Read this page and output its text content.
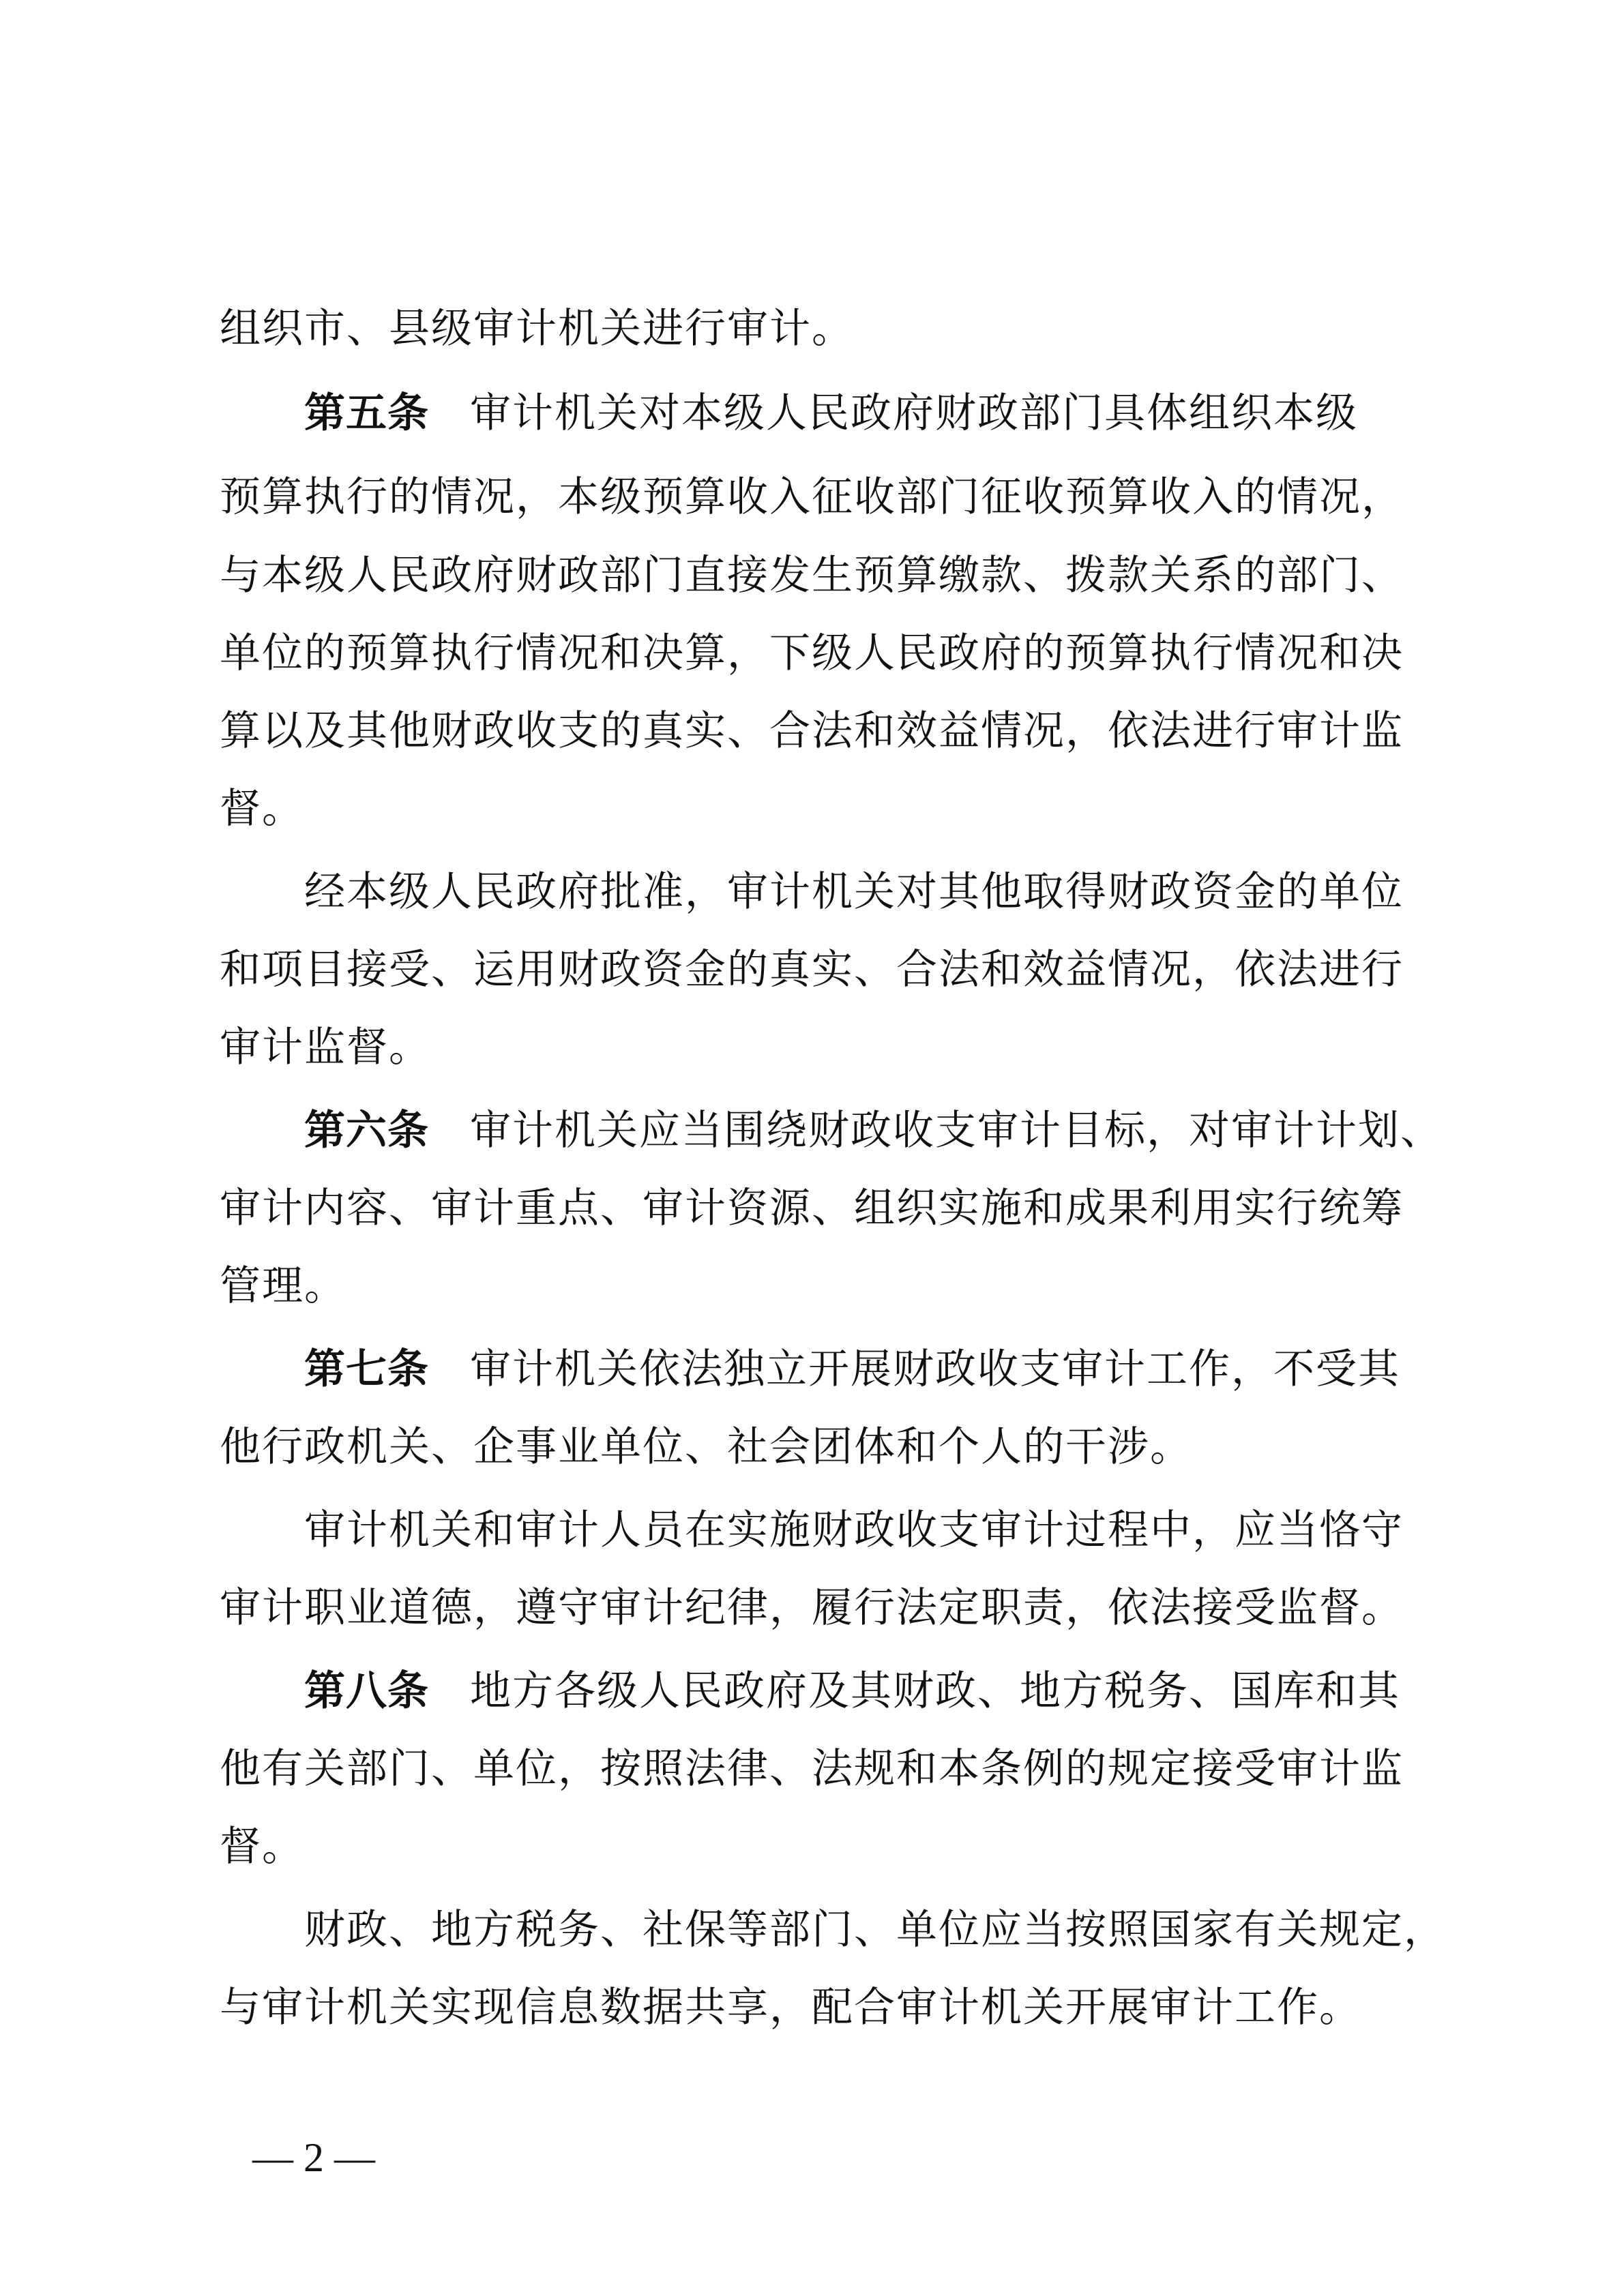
组织市、县级审计机关进行审计。
第五条 审计机关对本级人民政府财政部门具体组织本级
预算执行的情况，本级预算收入征收部门征收预算收入的情况，
与本级人民政府财政部门直接发生预算缴款、拨款关系的部门、
单位的预算执行情况和决算，下级人民政府的预算执行情况和决
算以及其他财政收支的真实、合法和效益情况，依法进行审计监
督。
经本级人民政府批准，审计机关对其他取得财政资金的单位
和项目接受、运用财政资金的真实、合法和效益情况，依法进行
审计监督。
第六条 审计机关应当围绕财政收支审计目标，对审计计划、
审计内容、审计重点、审计资源、组织实施和成果利用实行统筹
管理。
第七条 审计机关依法独立开展财政收支审计工作，不受其
他行政机关、企事业单位、社会团体和个人的干涉。
审计机关和审计人员在实施财政收支审计过程中，应当恪守
审计职业道德，遵守审计纪律，履行法定职责，依法接受监督。
第八条 地方各级人民政府及其财政、地方税务、国库和其
他有关部门、单位，按照法律、法规和本条例的规定接受审计监
督。
财政、地方税务、社保等部门、单位应当按照国家有关规定，
与审计机关实现信息数据共享，配合审计机关开展审计工作。
— 2 —
